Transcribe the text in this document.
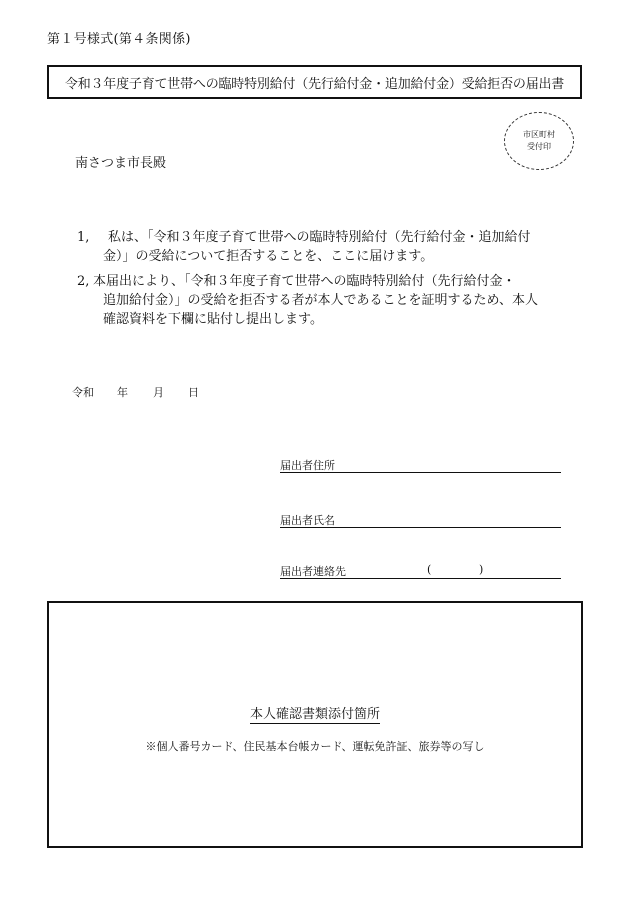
第１号様式(第４条関係)
令和３年度子育て世帯への臨時特別給付（先行給付金・追加給付金）受給拒否の届出書
市区町村
受付印
南さつま市長殿
1,	私は、「令和３年度子育て世帯への臨時特別給付（先行給付金・追加給付
金）」の受給について拒否することを、ここに届けます。
2, 本届出により、「令和３年度子育て世帯への臨時特別給付（先行給付金・
追加給付金）」の受給を拒否する者が本人であることを証明するため、本人
確認資料を下欄に貼付し提出します。
令和	年	月	日
届出者住所
届出者氏名
届出者連絡先	(	)
本人確認書類添付箇所
※個人番号カード、住民基本台帳カード、運転免許証、旅券等の写し
